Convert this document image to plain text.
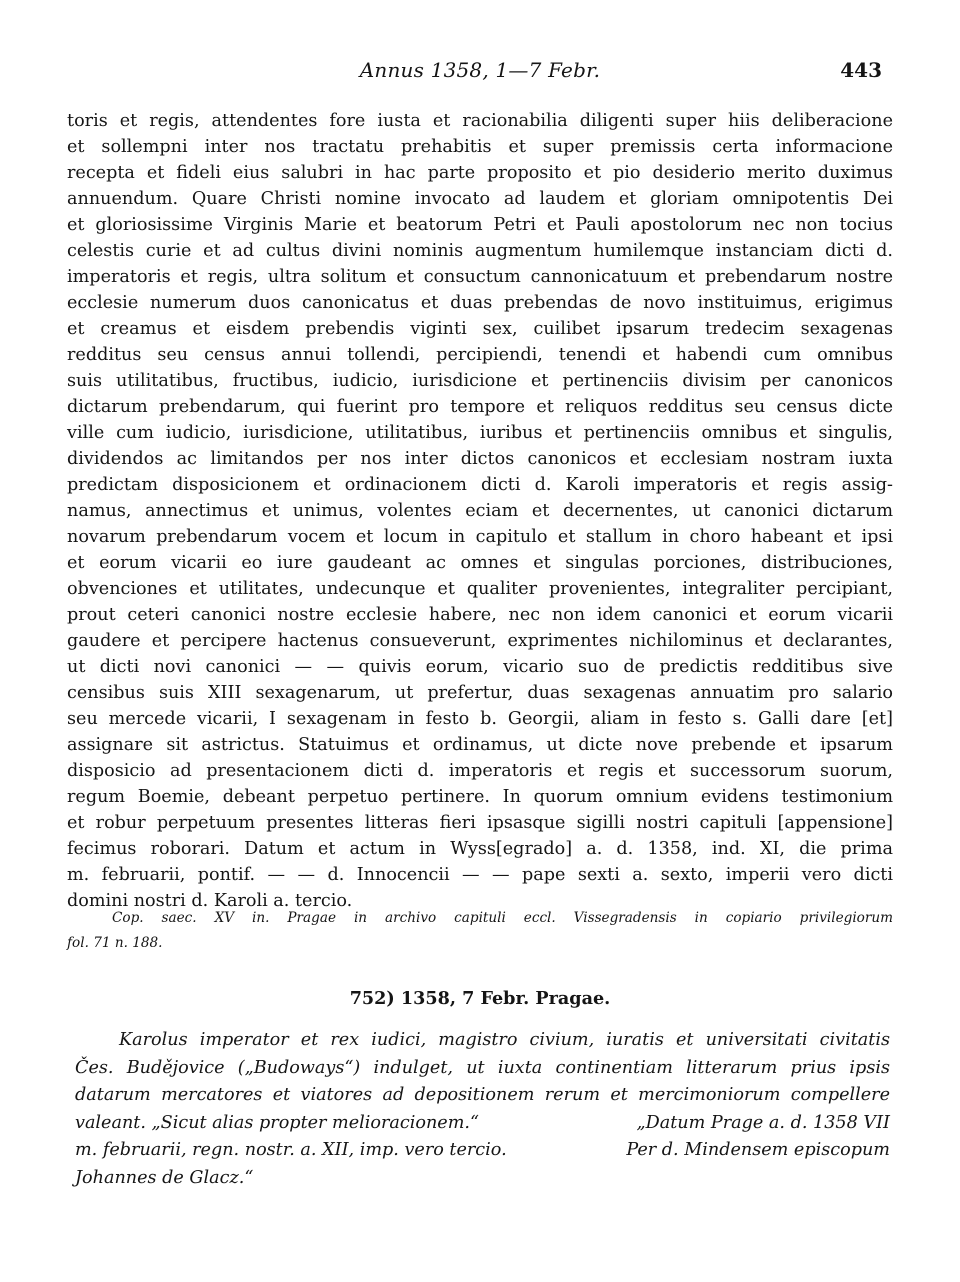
Annus 1358, 1—7 Febr.	443
toris et regis, attendentes fore iusta et racionabilia diligenti super hiis deliberacione
et sollempni inter nos tractatu prehabitis et super premissis certa informacione
recepta et fideli eius salubri in hac parte proposito et pio desiderio merito duximus
annuendum. Quare Christi nomine invocato ad laudem et gloriam omnipotentis Dei
et gloriosissime Virginis Marie et beatorum Petri et Pauli apostolorum nec non tocius
celestis curie et ad cultus divini nominis augmentum humilemque instanciam dicti d.
imperatoris et regis, ultra solitum et consuctum cannonicatuum et prebendarum nostre
ecclesie numerum duos canonicatus et duas prebendas de novo instituimus, erigimus
et creamus et eisdem prebendis viginti sex, cuilibet ipsarum tredecim sexagenas
redditus seu census annui tollendi, percipiendi, tenendi et habendi cum omnibus
suis utilitatibus, fructibus, iudicio, iurisdicione et pertinenciis divisim per canonicos
dictarum prebendarum, qui fuerint pro tempore et reliquos redditus seu census dicte
ville cum iudicio, iurisdicione, utilitatibus, iuribus et pertinenciis omnibus et singulis,
dividendos ac limitandos per nos inter dictos canonicos et ecclesiam nostram iuxta
predictam disposicionem et ordinacionem dicti d. Karoli imperatoris et regis assig-
namus, annectimus et unimus, volentes eciam et decernentes, ut canonici dictarum
novarum prebendarum vocem et locum in capitulo et stallum in choro habeant et ipsi
et eorum vicarii eo iure gaudeant ac omnes et singulas porciones, distribuciones,
obvenciones et utilitates, undecunque et qualiter provenientes, integraliter percipiant,
prout ceteri canonici nostre ecclesie habere, nec non idem canonici et eorum vicarii
gaudere et percipere hactenus consueverunt, exprimentes nichilominus et declarantes,
ut dicti novi canonici — — quivis eorum, vicario suo de predictis redditibus sive
censibus suis XIII sexagenarum, ut prefertur, duas sexagenas annuatim pro salario
seu mercede vicarii, I sexagenam in festo b. Georgii, aliam in festo s. Galli dare [et]
assignare sit astrictus. Statuimus et ordinamus, ut dicte nove prebende et ipsarum
disposicio ad presentacionem dicti d. imperatoris et regis et successorum suorum,
regum Boemie, debeant perpetuo pertinere. In quorum omnium evidens testimonium
et robur perpetuum presentes litteras fieri ipsasque sigilli nostri capituli [appensione]
fecimus roborari. Datum et actum in Wyss[egrado] a. d. 1358, ind. XI, die prima
m. februarii, pontif. — — d. Innocencii — — pape sexti a. sexto, imperii vero dicti
domini nostri d. Karoli a. tercio.
Cop. saec. XV in. Pragae in archivo capituli eccl. Vissegradensis in copiario privilegiorum
fol. 71 n. 188.
752) 1358, 7 Febr. Pragae.
Karolus imperator et rex iudici, magistro civium, iuratis et universitati civitatis
Čes. Budějovice („Budoways“) indulget, ut iuxta continentiam litterarum prius ipsis
datarum mercatores et viatores ad depositionem rerum et mercimoniorum compellere
valeant. „Sicut alias propter melioracionem.“	„Datum Prage a. d. 1358 VII
m. februarii, regn. nostr. a. XII, imp. vero tercio.	Per d. Mindensem episcopum
Johannes de Glacz.“
